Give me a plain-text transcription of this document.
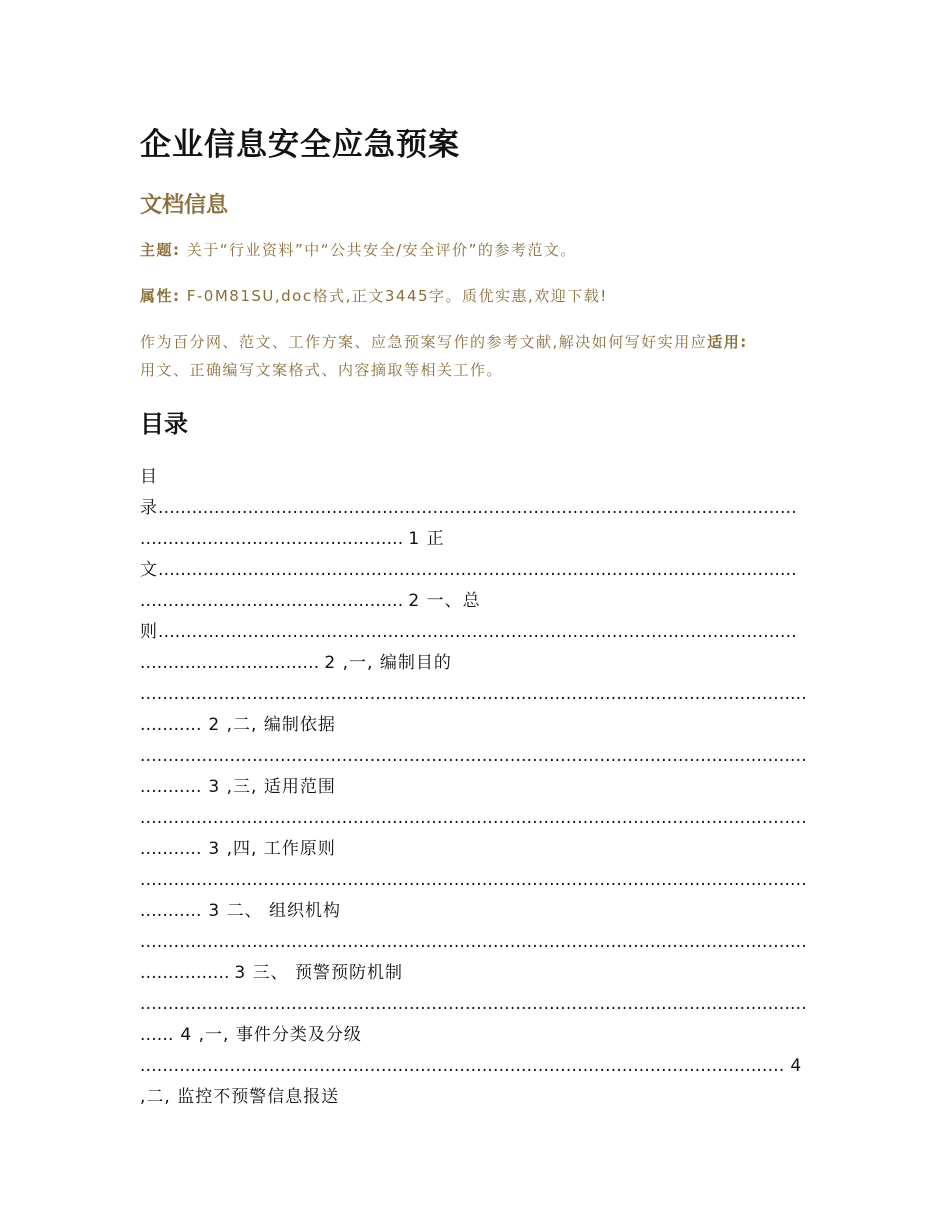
企业信息安全应急预案
文档信息
主题: 关于“行业资料”中“公共安全/安全评价”的参考范文。
属性: F-0M81SU,doc格式,正文3445字。质优实惠,欢迎下载!
作为百分网、范文、工作方案、应急预案写作的参考文献,解决如何写好实用应适用:
用文、正确编写文案格式、内容摘取等相关工作。
目录
目
录.....
..... 1 正
文.....
..... 2 一、总
则.....
..... 2 ,一, 编制目的
.....
..... 2 ,二, 编制依据
.....
..... 3 ,三, 适用范围
.....
..... 3 ,四, 工作原则
.....
..... 3 二、 组织机构
.....
..... 3 三、 预警预防机制
.....
..... 4 ,一, 事件分类及分级
..... 4
,二, 监控不预警信息报送
